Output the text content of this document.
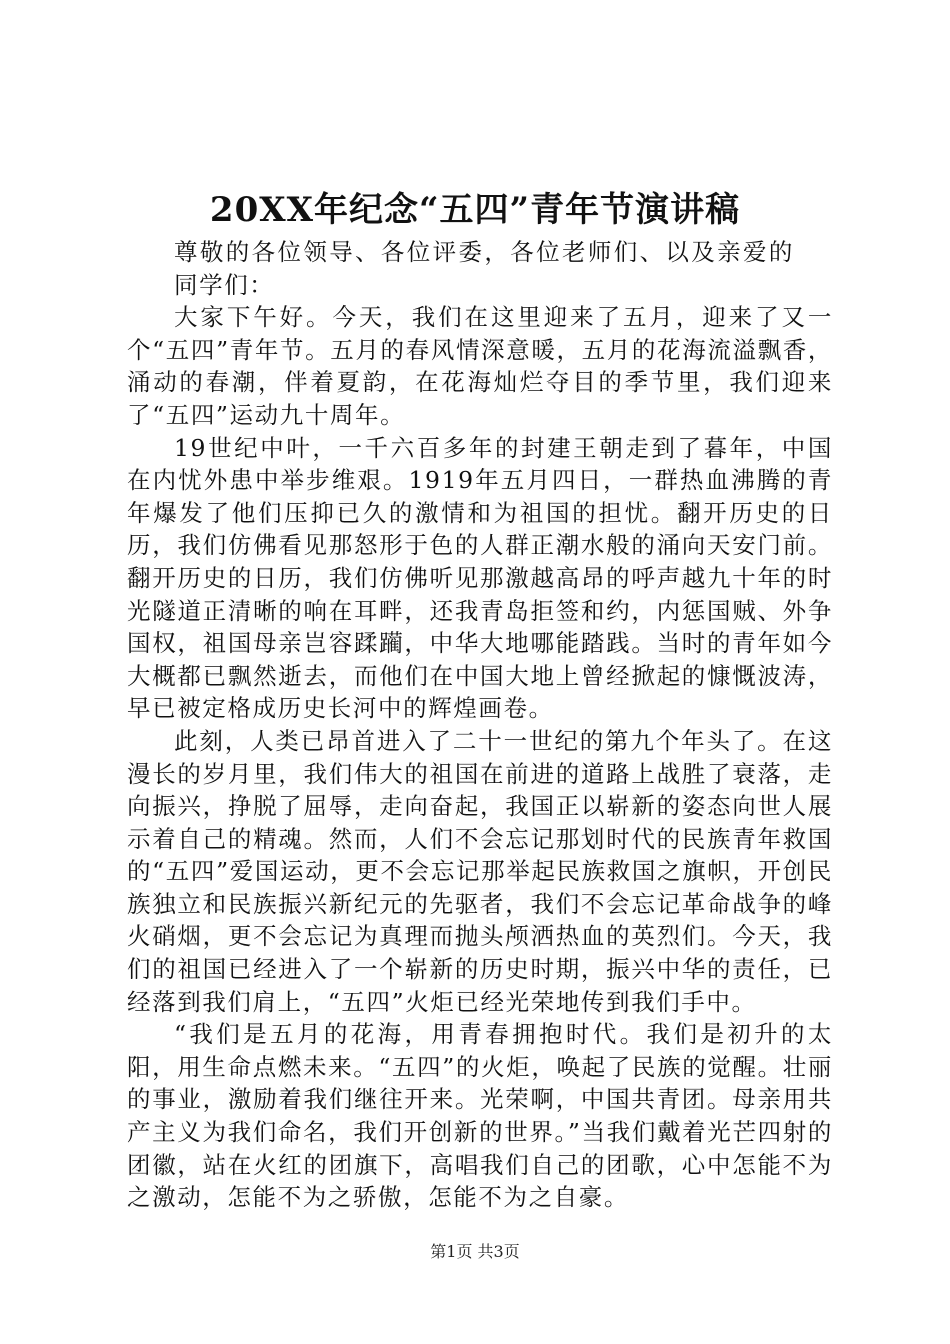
20XX年纪念“五四”青年节演讲稿
尊敬的各位领导、各位评委，各位老师们、以及亲爱的同学们：

大家下午好。今天，我们在这里迎来了五月，迎来了又一个“五四”青年节。五月的春风情深意暖，五月的花海流溢飘香，涌动的春潮，伴着夏韵，在花海灿烂夺目的季节里，我们迎来了“五四”运动九十周年。

19世纪中叶，一千六百多年的封建王朝走到了暮年，中国在内忧外患中举步维艰。1919年五月四日，一群热血沸腾的青年爆发了他们压抑已久的激情和为祖国的担忧。翻开历史的日历，我们仿佛看见那怒形于色的人群正潮水般的涌向天安门前。翻开历史的日历，我们仿佛听见那激越高昂的呼声越九十年的时光隧道正清晰的响在耳畔，还我青岛拒签和约，内惩国贼、外争国权，祖国母亲岂容蹂躏，中华大地哪能踏践。当时的青年如今大概都已飘然逝去，而他们在中国大地上曾经掀起的慷慨波涛，早已被定格成历史长河中的辉煌画卷。

此刻，人类已昂首进入了二十一世纪的第九个年头了。在这漫长的岁月里，我们伟大的祖国在前进的道路上战胜了衰落，走向振兴，挣脱了屈辱，走向奋起，我国正以崭新的姿态向世人展示着自己的精魂。然而，人们不会忘记那划时代的民族青年救国的“五四”爱国运动，更不会忘记那举起民族救国之旗帜，开创民族独立和民族振兴新纪元的先驱者，我们不会忘记革命战争的峰火硝烟，更不会忘记为真理而抛头颅洒热血的英烈们。今天，我们的祖国已经进入了一个崭新的历史时期，振兴中华的责任，已经落到我们肩上，“五四”火炬已经光荣地传到我们手中。

“我们是五月的花海，用青春拥抱时代。我们是初升的太阳，用生命点燃未来。“五四”的火炬，唤起了民族的觉醒。壮丽的事业，激励着我们继往开来。光荣啊，中国共青团。母亲用共产主义为我们命名，我们开创新的世界。”当我们戴着光芒四射的团徽，站在火红的团旗下，高唱我们自己的团歌，心中怎能不为之激动，怎能不为之骄傲，怎能不为之自豪。

第1页 共3页
